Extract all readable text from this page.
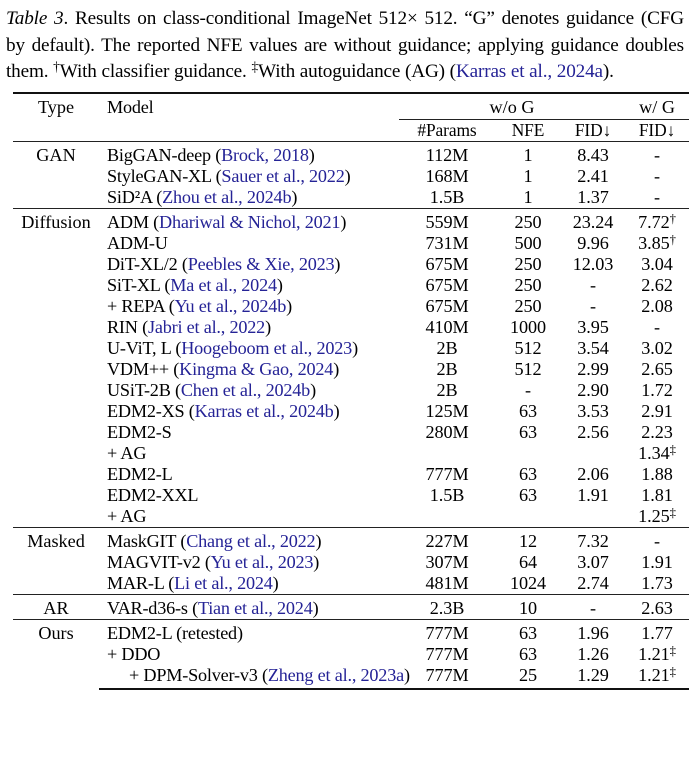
Table 3. Results on class-conditional ImageNet 512× 512. “G” denotes guidance (CFG by default). The reported NFE values are without guidance; applying guidance doubles them. †With classifier guidance. ‡With autoguidance (AG) (Karras et al., 2024a).
Type	Model	w/o G			w/ G

		#Params	NFE	FID↓	FID↓
GAN	BigGAN-deep (Brock, 2018)	112M	1	8.43	-
	StyleGAN-XL (Sauer et al., 2022)	168M	1	2.41	-
	SiD²A (Zhou et al., 2024b)	1.5B	1	1.37	-
Diffusion	ADM (Dhariwal & Nichol, 2021)	559M	250	23.24	7.72†
	ADM-U	731M	500	9.96	3.85†
	DiT-XL/2 (Peebles & Xie, 2023)	675M	250	12.03	3.04
	SiT-XL (Ma et al., 2024)	675M	250	-	2.62
	+ REPA (Yu et al., 2024b)	675M	250	-	2.08
	RIN (Jabri et al., 2022)	410M	1000	3.95	-
	U-ViT, L (Hoogeboom et al., 2023)	2B	512	3.54	3.02
	VDM++ (Kingma & Gao, 2024)	2B	512	2.99	2.65
	USiT-2B (Chen et al., 2024b)	2B	-	2.90	1.72
	EDM2-XS (Karras et al., 2024b)	125M	63	3.53	2.91
	EDM2-S	280M	63	2.56	2.23
	+ AG				1.34‡
	EDM2-L	777M	63	2.06	1.88
	EDM2-XXL	1.5B	63	1.91	1.81
	+ AG				1.25‡
Masked	MaskGIT (Chang et al., 2022)	227M	12	7.32	-
	MAGVIT-v2 (Yu et al., 2023)	307M	64	3.07	1.91
	MAR-L (Li et al., 2024)	481M	1024	2.74	1.73
AR	VAR-d36-s (Tian et al., 2024)	2.3B	10	-	2.63
Ours	EDM2-L (retested)	777M	63	1.96	1.77
	+ DDO	777M	63	1.26	1.21‡
	+ DPM-Solver-v3 (Zheng et al., 2023a)	777M	25	1.29	1.21‡
